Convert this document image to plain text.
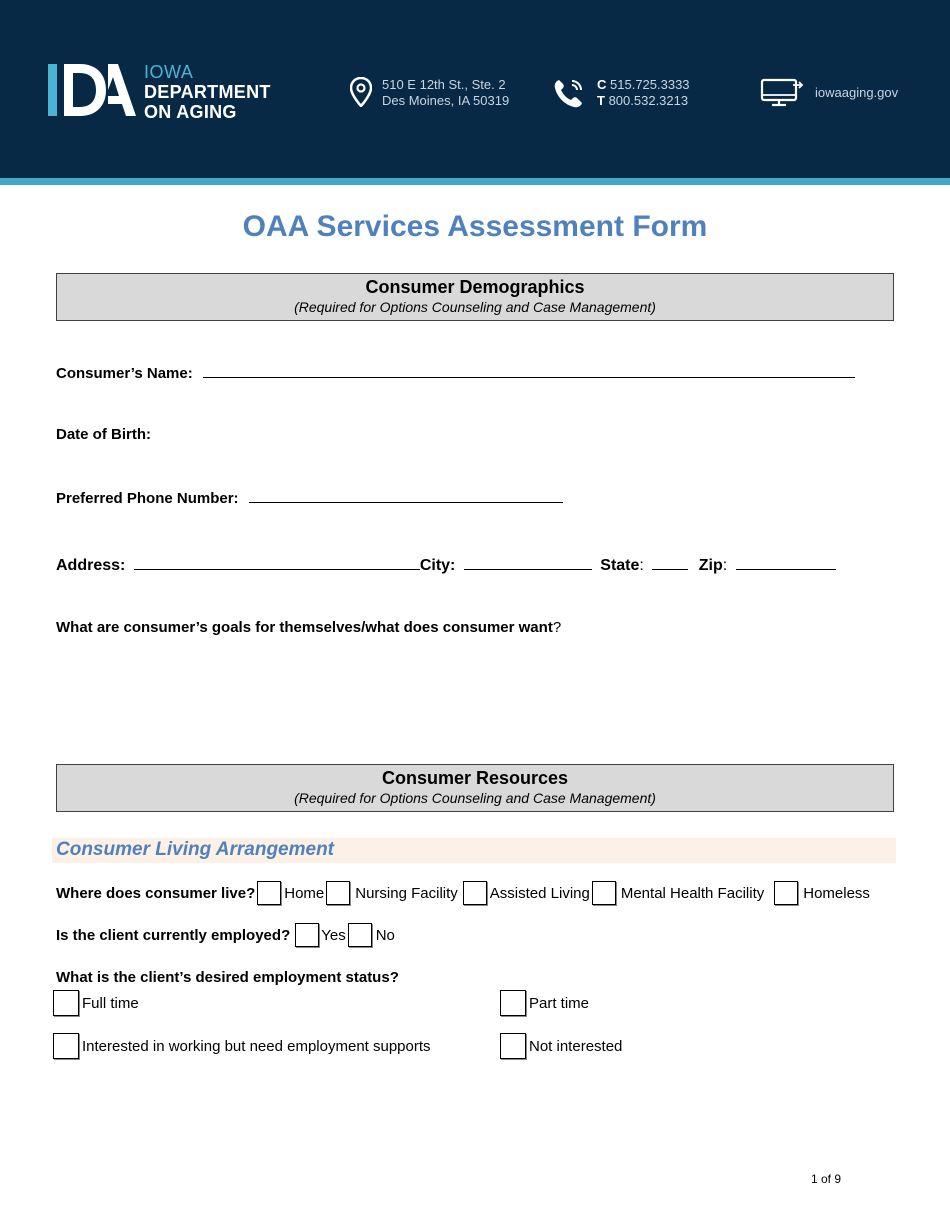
IOWA
DEPARTMENT
ON AGING
510 E 12th St., Ste. 2
Des Moines, IA 50319
C 515.725.3333
T 800.532.3213
iowaaging.gov
OAA Services Assessment Form
Consumer Demographics
(Required for Options Counseling and Case Management)
Consumer’s Name:
Date of Birth:
Preferred Phone Number:
Address:	City:	State:	Zip:
What are consumer’s goals for themselves/what does consumer want?
Consumer Resources
(Required for Options Counseling and Case Management)
Consumer Living Arrangement
Where does consumer live? Home Nursing Facility Assisted Living Mental Health Facility	Homeless
Is the client currently employed? Yes No
What is the client’s desired employment status?
Full time	Part time
Interested in working but need employment supports	Not interested
1 of 9
